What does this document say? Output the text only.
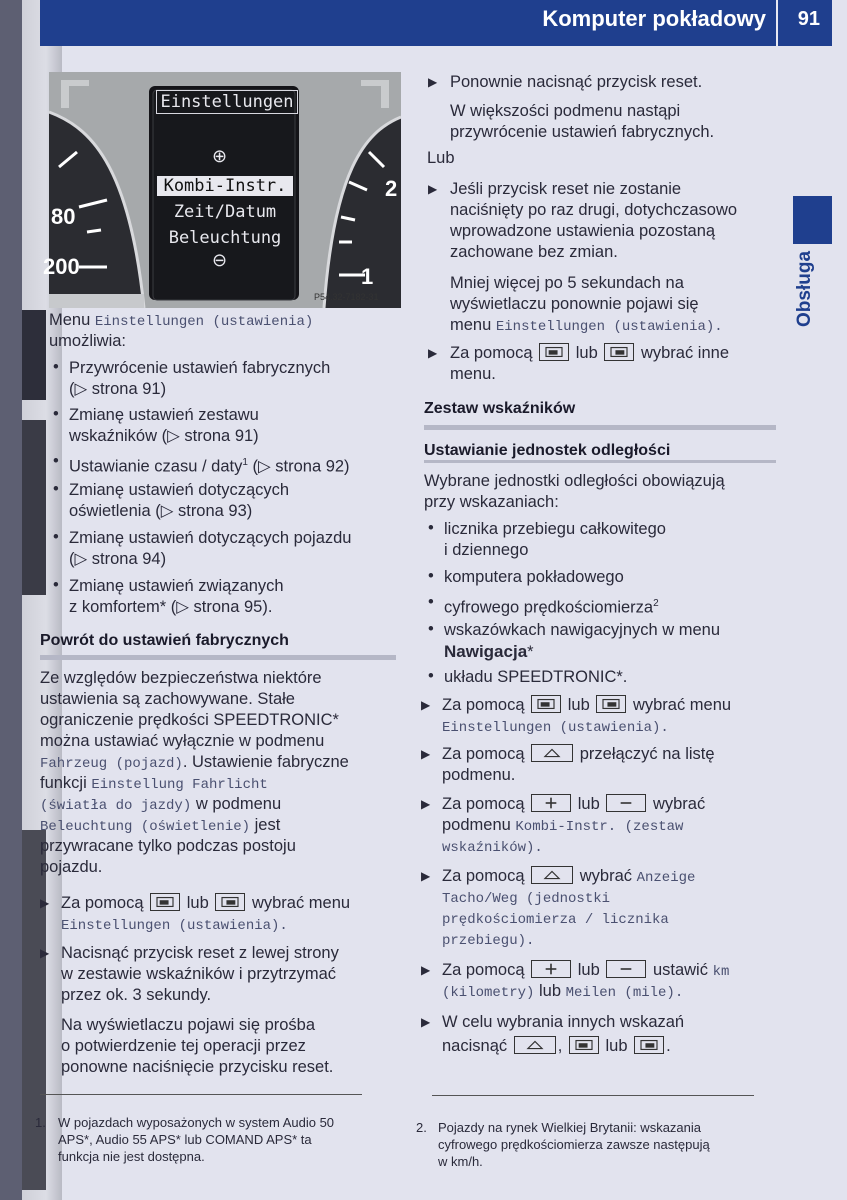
Komputer pokładowy 91
Obsługa
Einstellungen
⊕
Kombi-Instr.
Zeit/Datum
Beleuchtung
⊖
80
200
2
1
P54.32-7182-31
Menu Einstellungen (ustawienia)
umożliwia:
• Przywrócenie ustawień fabrycznych
(▷ strona 91)
• Zmianę ustawień zestawu
wskaźników (▷ strona 91)
• Ustawianie czasu / daty$^1$ (▷ strona 92)
• Zmianę ustawień dotyczących
oświetlenia (▷ strona 93)
• Zmianę ustawień dotyczących pojazdu
(▷ strona 94)
• Zmianę ustawień związanych
z komfortem* (▷ strona 95).
Powrót do ustawień fabrycznych
Ze względów bezpieczeństwa niektóre
ustawienia są zachowywane. Stałe
ograniczenie prędkości SPEEDTRONIC*
można ustawiać wyłącznie w podmenu
Fahrzeug (pojazd). Ustawienie fabryczne
funkcji Einstellung Fahrlicht
(światła do jazdy) w podmenu
Beleuchtung (oświetlenie) jest
przywracane tylko podczas postoju
pojazdu.
▶ Za pomocą	lub	wybrać menu
Einstellungen (ustawienia).
▶ Nacisnąć przycisk reset z lewej strony
w zestawie wskaźników i przytrzymać
przez ok. 3 sekundy.
Na wyświetlaczu pojawi się prośba
o potwierdzenie tej operacji przez
ponowne naciśnięcie przycisku reset.
1. W pojazdach wyposażonych w system Audio 50
APS*, Audio 55 APS* lub COMAND APS* ta
funkcja nie jest dostępna.
▶ Ponownie nacisnąć przycisk reset.
W większości podmenu nastąpi
przywrócenie ustawień fabrycznych.
Lub
▶ Jeśli przycisk reset nie zostanie
naciśnięty po raz drugi, dotychczasowo
wprowadzone ustawienia pozostaną
zachowane bez zmian.
Mniej więcej po 5 sekundach na
wyświetlaczu ponownie pojawi się
menu Einstellungen (ustawienia).
▶ Za pomocą	lub	wybrać inne
menu.
Zestaw wskaźników
Ustawianie jednostek odległości
Wybrane jednostki odległości obowiązują
przy wskazaniach:
• licznika przebiegu całkowitego
i dziennego
• komputera pokładowego
• cyfrowego prędkościomierza$^2$
• wskazówkach nawigacyjnych w menu
Nawigacja*
• układu SPEEDTRONIC*.
▶ Za pomocą	lub	wybrać menu
Einstellungen (ustawienia).
▶ Za pomocą	przełączyć na listę
podmenu.
▶ Za pomocą	lub	wybrać
podmenu Kombi-Instr. (zestaw
wskaźników).
▶ Za pomocą	wybrać Anzeige
Tacho/Weg (jednostki
prędkościomierza / licznika
przebiegu).
▶ Za pomocą	lub	ustawić km
(kilometry) lub Meilen (mile).
▶ W celu wybrania innych wskazań
nacisnąć	,	lub .
2. Pojazdy na rynek Wielkiej Brytanii: wskazania
cyfrowego prędkościomierza zawsze następują
w km/h.
